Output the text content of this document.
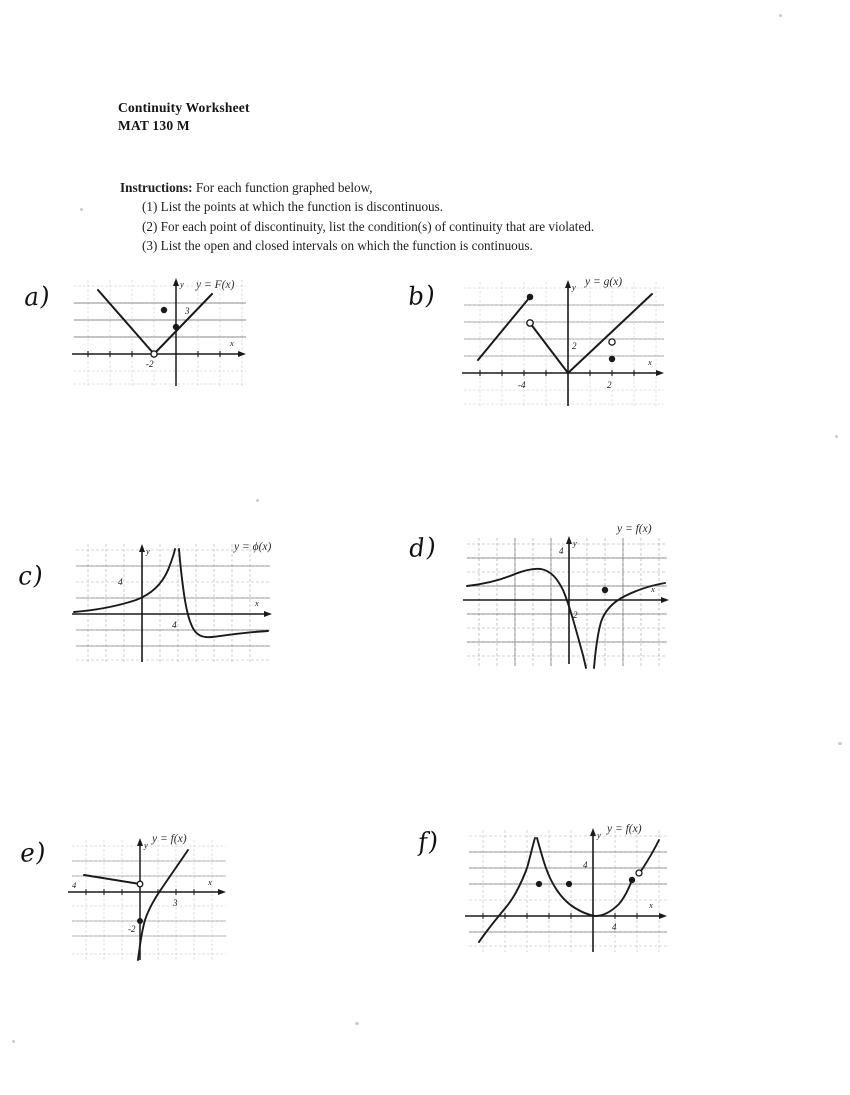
Continuity Worksheet
MAT 130 M
Instructions: For each function graphed below,
(1) List the points at which the function is discontinuous.
(2) For each point of discontinuity, list the condition(s) of continuity that are violated.
(3) List the open and closed intervals on which the function is continuous.
a)	y = F(x)
3
-2
x
y	b)	y = g(x)
2
-4	2
x
y
c)
y = ϕ(x)
4
4
x
y	d)
y = f(x)
4
2
x
y
e)	y = f(x)
-2
3
4	x
y	f)	y = f(x)
4
4
x
y
